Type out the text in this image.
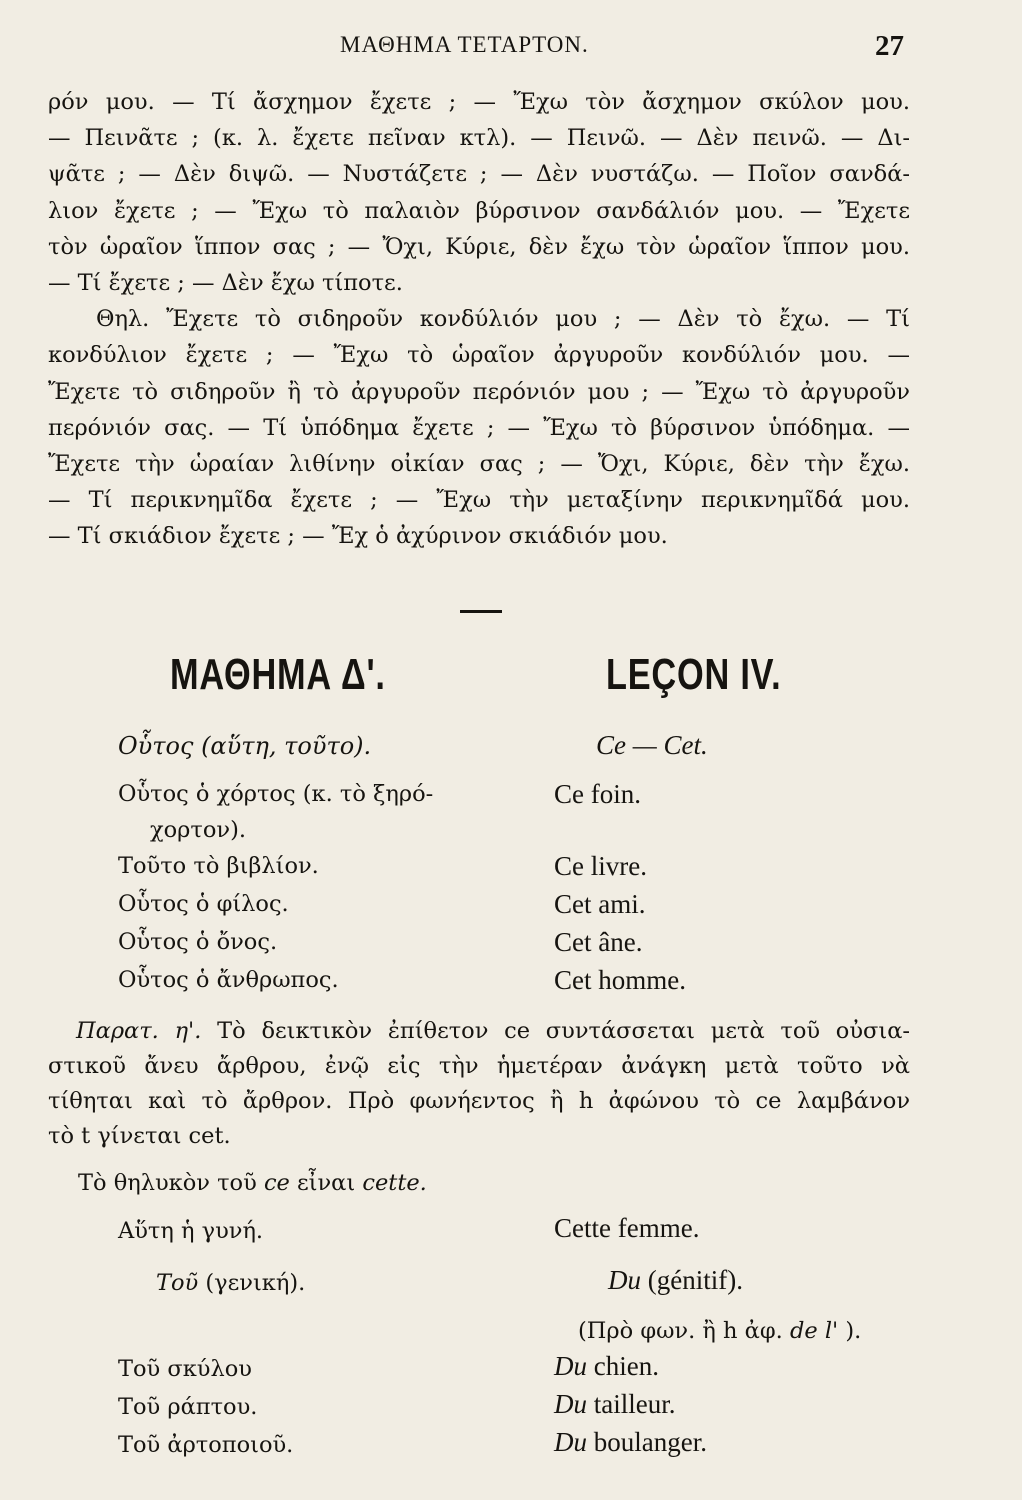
ΜΑΘΗΜΑ ΤΕΤΑΡΤΟΝ.	27
ρόν μου. — Τί ἄσχημον ἔχετε ; — Ἔχω τὸν ἄσχημον σκύλον μου.
— Πεινᾶτε ; (κ. λ. ἔχετε πεῖναν κτλ). — Πεινῶ. — Δὲν πεινῶ. — Δι-
ψᾶτε ; — Δὲν διψῶ. — Νυστάζετε ; — Δὲν νυστάζω. — Ποῖον σανδά-
λιον ἔχετε ; — Ἔχω τὸ παλαιὸν βύρσινον σανδάλιόν μου. — Ἔχετε
τὸν ὡραῖον ἵππον σας ; — Ὄχι, Κύριε, δὲν ἔχω τὸν ὡραῖον ἵππον μου.
— Τί ἔχετε ; — Δὲν ἔχω τίποτε.
Θηλ. Ἔχετε τὸ σιδηροῦν κονδύλιόν μου ; — Δὲν τὸ ἔχω. — Τί
κονδύλιον ἔχετε ; — Ἔχω τὸ ὡραῖον ἀργυροῦν κονδύλιόν μου. —
Ἔχετε τὸ σιδηροῦν ἢ τὸ ἀργυροῦν περόνιόν μου ; — Ἔχω τὸ ἀργυροῦν
περόνιόν σας. — Τί ὑπόδημα ἔχετε ; — Ἔχω τὸ βύρσινον ὑπόδημα. —
Ἔχετε τὴν ὡραίαν λιθίνην οἰκίαν σας ; — Ὄχι, Κύριε, δὲν τὴν ἔχω.
— Τί περικνημῖδα ἔχετε ; — Ἔχω τὴν μεταξίνην περικνημῖδά μου.
— Τί σκιάδιον ἔχετε ; — Ἔχ ὁ ἀχύρινον σκιάδιόν μου.
ΜΑΘΗΜΑ Δ'.	LEÇON IV.
Οὗτος (αὕτη, τοῦτο).	Ce — Cet.
Οὗτος ὁ χόρτος (κ. τὸ ξηρό-	Ce foin.
χορτον).
Τοῦτο τὸ βιβλίον.	Ce livre.
Οὗτος ὁ φίλος.	Cet ami.
Οὗτος ὁ ὄνος.	Cet âne.
Οὗτος ὁ ἄνθρωπος.	Cet homme.
Παρατ. η'. Τὸ δεικτικὸν ἐπίθετον ce συντάσσεται μετὰ τοῦ οὐσια-
στικοῦ ἄνευ ἄρθρου, ἐνῷ εἰς τὴν ἡμετέραν ἀνάγκη μετὰ τοῦτο νὰ
τίθηται καὶ τὸ ἄρθρον. Πρὸ φωνήεντος ἢ h ἀφώνου τὸ ce λαμβάνον
τὸ t γίνεται cet.
Τὸ θηλυκὸν τοῦ ce εἶναι cette.
Αὕτη ἡ γυνή.	Cette femme.
Τοῦ (γενική).	Du (génitif).
(Πρὸ φων. ἢ h ἀφ. de l' ).
Τοῦ σκύλου	Du chien.
Τοῦ ράπτου.	Du tailleur.
Τοῦ ἀρτοποιοῦ.	Du boulanger.
